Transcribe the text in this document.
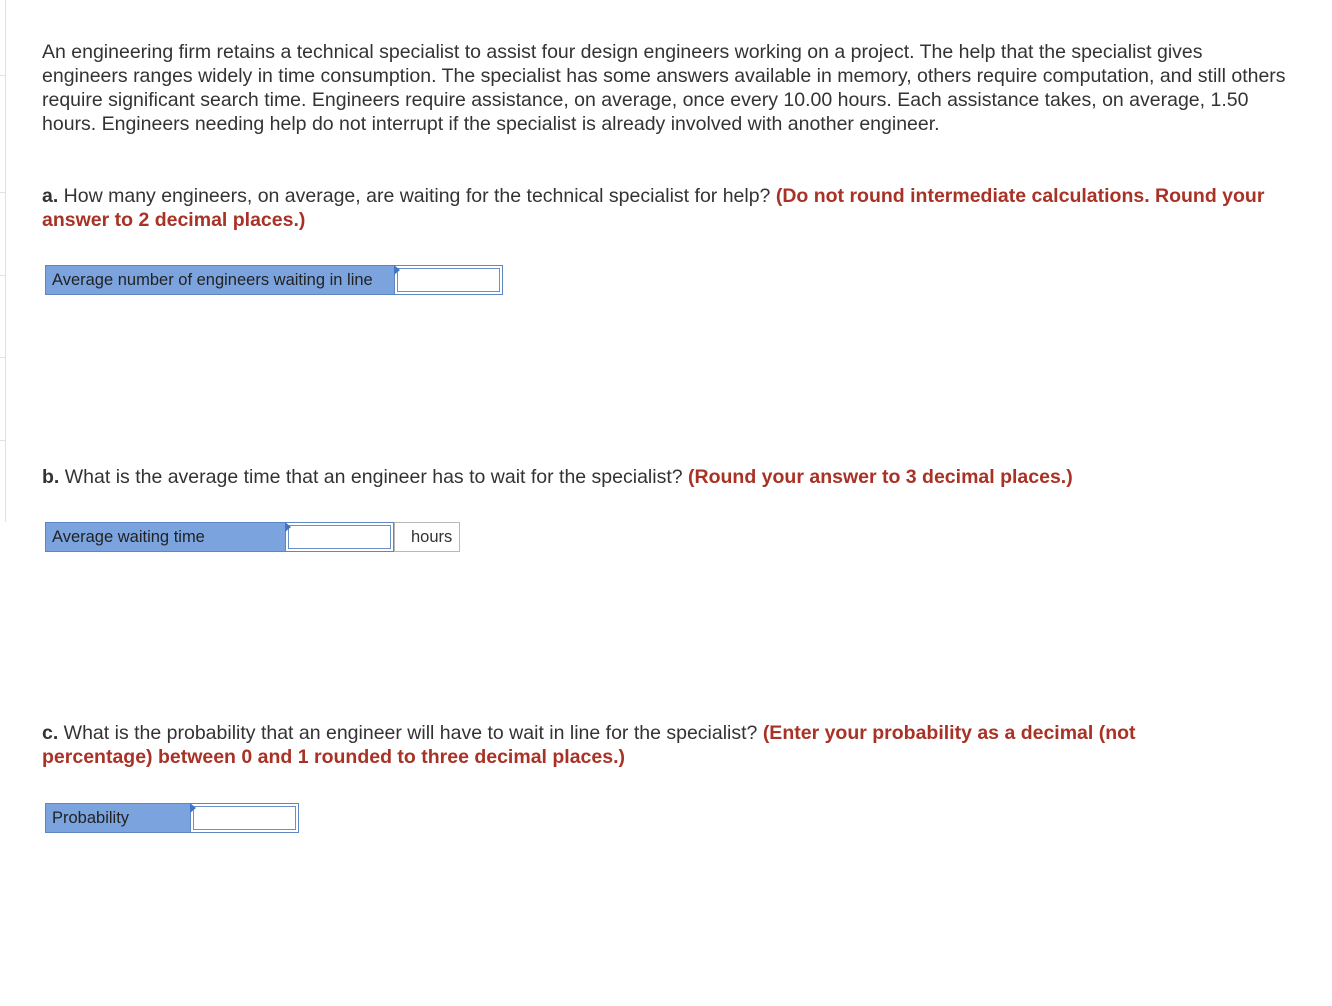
An engineering firm retains a technical specialist to assist four design engineers working on a project. The help that the specialist gives engineers ranges widely in time consumption. The specialist has some answers available in memory, others require computation, and still others require significant search time. Engineers require assistance, on average, once every 10.00 hours. Each assistance takes, on average, 1.50 hours. Engineers needing help do not interrupt if the specialist is already involved with another engineer.

a. How many engineers, on average, are waiting for the technical specialist for help? (Do not round intermediate calculations. Round your answer to 2 decimal places.)

Average number of engineers waiting in line

b. What is the average time that an engineer has to wait for the specialist? (Round your answer to 3 decimal places.)

Average waiting time	hours

c. What is the probability that an engineer will have to wait in line for the specialist? (Enter your probability as a decimal (not percentage) between 0 and 1 rounded to three decimal places.)

Probability
